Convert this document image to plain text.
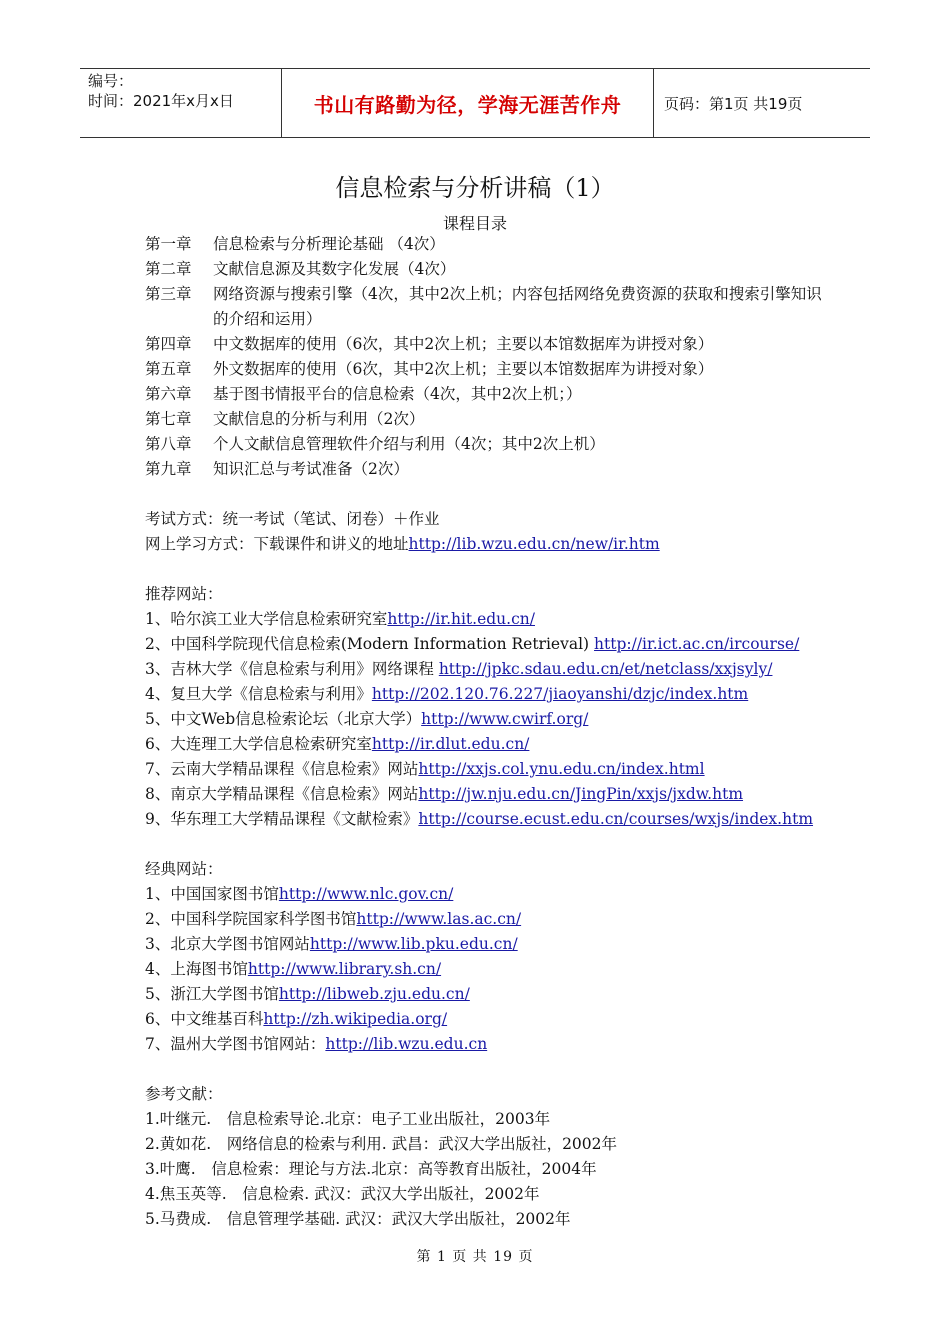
编号：
时间：2021年x月x日	书山有路勤为径，学海无涯苦作舟	页码：第1页 共19页
信息检索与分析讲稿（1）
课程目录
第一章	信息检索与分析理论基础 （4次）
第二章	文献信息源及其数字化发展（4次）
第三章	网络资源与搜索引擎（4次，其中2次上机；内容包括网络免费资源的获取和搜索引擎知识的介绍和运用）
第四章	中文数据库的使用（6次，其中2次上机；主要以本馆数据库为讲授对象）
第五章	外文数据库的使用（6次，其中2次上机；主要以本馆数据库为讲授对象）
第六章	基于图书情报平台的信息检索（4次，其中2次上机；）
第七章	文献信息的分析与利用（2次）
第八章	个人文献信息管理软件介绍与利用（4次；其中2次上机）
第九章	知识汇总与考试准备（2次）
考试方式：统一考试（笔试、闭卷）＋作业
网上学习方式：下载课件和讲义的地址http://lib.wzu.edu.cn/new/ir.htm
推荐网站：
1、哈尔滨工业大学信息检索研究室http://ir.hit.edu.cn/
2、中国科学院现代信息检索(Modern Information Retrieval) http://ir.ict.ac.cn/ircourse/
3、吉林大学《信息检索与利用》网络课程 http://jpkc.sdau.edu.cn/et/netclass/xxjsyly/
4、复旦大学《信息检索与利用》http://202.120.76.227/jiaoyanshi/dzjc/index.htm
5、中文Web信息检索论坛（北京大学）http://www.cwirf.org/
6、大连理工大学信息检索研究室http://ir.dlut.edu.cn/
7、云南大学精品课程《信息检索》网站http://xxjs.col.ynu.edu.cn/index.html
8、南京大学精品课程《信息检索》网站http://jw.nju.edu.cn/JingPin/xxjs/jxdw.htm
9、华东理工大学精品课程《文献检索》http://course.ecust.edu.cn/courses/wxjs/index.htm
经典网站：
1、中国国家图书馆http://www.nlc.gov.cn/
2、中国科学院国家科学图书馆http://www.las.ac.cn/
3、北京大学图书馆网站http://www.lib.pku.edu.cn/
4、上海图书馆http://www.library.sh.cn/
5、浙江大学图书馆http://libweb.zju.edu.cn/
6、中文维基百科http://zh.wikipedia.org/
7、温州大学图书馆网站：http://lib.wzu.edu.cn
参考文献：
1.叶继元.　信息检索导论.北京：电子工业出版社，2003年
2.黄如花.　网络信息的检索与利用. 武昌：武汉大学出版社，2002年
3.叶鹰.　信息检索：理论与方法.北京：高等教育出版社，2004年
4.焦玉英等.　信息检索. 武汉：武汉大学出版社，2002年
5.马费成.　信息管理学基础. 武汉：武汉大学出版社，2002年
第 1 页 共 19 页
